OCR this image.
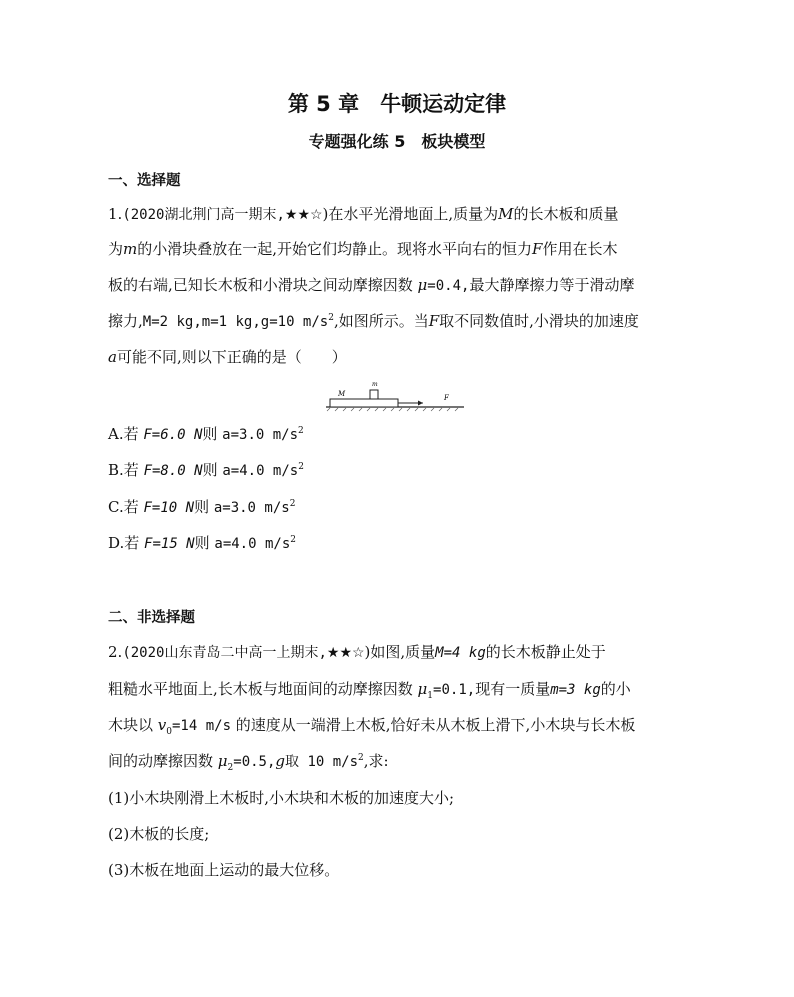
第 5 章　牛顿运动定律
专题强化练 5　板块模型
一、选择题
1.(2020湖北荆门高一期末,★★☆)在水平光滑地面上,质量为M的长木板和质量
为m的小滑块叠放在一起,开始它们均静止。现将水平向右的恒力F作用在长木
板的右端,已知长木板和小滑块之间动摩擦因数 μ=0.4,最大静摩擦力等于滑动摩
擦力,M=2 kg,m=1 kg,g=10 $m/s^2$,如图所示。当F取不同数值时,小滑块的加速度
a可能不同,则以下正确的是（　　）
M
m
F
A.若 F=6.0 N则 a=3.0 $m/s^2$
B.若 F=8.0 N则 a=4.0 $m/s^2$
C.若 F=10 N则 a=3.0 $m/s^2$
D.若 F=15 N则 a=4.0 $m/s^2$
二、非选择题
2.(2020山东青岛二中高一上期末,★★☆)如图,质量M=4 kg的长木板静止处于
粗糙水平地面上,长木板与地面间的动摩擦因数 $\mu_1=0.1$,现有一质量m=3 kg的小
木块以 $v_0=14$ m/s 的速度从一端滑上木板,恰好未从木板上滑下,小木块与长木板
间的动摩擦因数 $\mu_2=0.5,g$取 10 $m/s^2$,求:
(1)小木块刚滑上木板时,小木块和木板的加速度大小;
(2)木板的长度;
(3)木板在地面上运动的最大位移。
